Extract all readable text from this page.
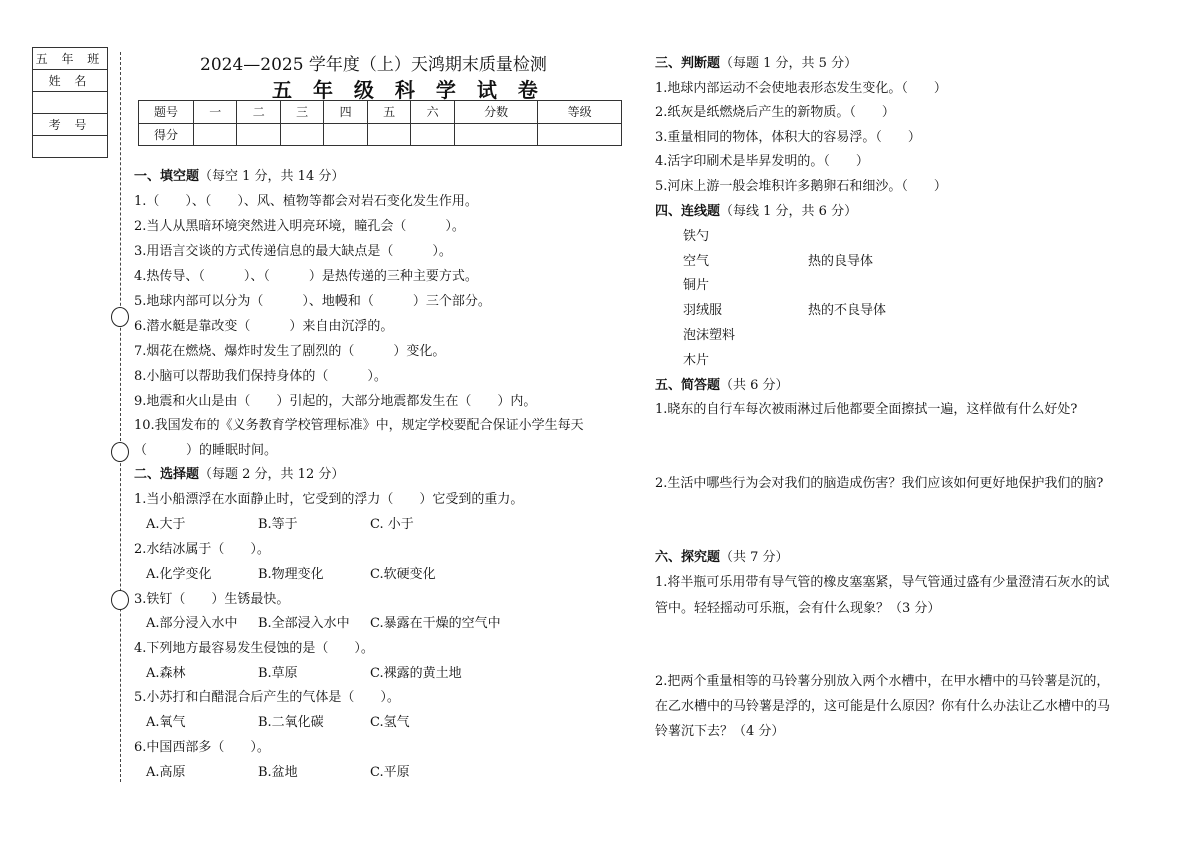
五 年 班
姓 名

考 号

2024—2025 学年度（上）天鸿期末质量检测
五 年 级 科 学 试 卷
题号	一	二	三	四	五	六	分数	等级
得分								
一、填空题（每空 1 分，共 14 分）
1.（　　）、（　　）、风、植物等都会对岩石变化发生作用。
2.当人从黑暗环境突然进入明亮环境，瞳孔会（　　　）。
3.用语言交谈的方式传递信息的最大缺点是（　　　）。
4.热传导、（　　　）、（　　　）是热传递的三种主要方式。
5.地球内部可以分为（　　　）、地幔和（　　　）三个部分。
6.潜水艇是靠改变（　　　）来自由沉浮的。
7.烟花在燃烧、爆炸时发生了剧烈的（　　　）变化。
8.小脑可以帮助我们保持身体的（　　　）。
9.地震和火山是由（　　）引起的，大部分地震都发生在（　　）内。
10.我国发布的《义务教育学校管理标准》中，规定学校要配合保证小学生每天
（　　　）的睡眠时间。
二、选择题（每题 2 分，共 12 分）
1.当小船漂浮在水面静止时，它受到的浮力（　　）它受到的重力。
A.大于	B.等于	C. 小于
2.水结冰属于（　　）。
A.化学变化	B.物理变化	C.软硬变化
3.铁钉（　　）生锈最快。
A.部分浸入水中 B.全部浸入水中 C.暴露在干燥的空气中
4.下列地方最容易发生侵蚀的是（　　）。
A.森林	B.草原	C.裸露的黄土地
5.小苏打和白醋混合后产生的气体是（　　）。
A.氧气	B.二氧化碳	C.氢气
6.中国西部多（　　）。
A.高原	B.盆地	C.平原
三、判断题（每题 1 分，共 5 分）
1.地球内部运动不会使地表形态发生变化。（　　）
2.纸灰是纸燃烧后产生的新物质。（　　）
3.重量相同的物体，体积大的容易浮。（　　）
4.活字印刷术是毕昇发明的。（　　）
5.河床上游一般会堆积许多鹅卵石和细沙。（　　）
四、连线题（每线 1 分，共 6 分）
铁勺
空气	热的良导体
铜片
羽绒服	热的不良导体
泡沫塑料
木片
五、简答题（共 6 分）
1.晓东的自行车每次被雨淋过后他都要全面擦拭一遍，这样做有什么好处?
2.生活中哪些行为会对我们的脑造成伤害？我们应该如何更好地保护我们的脑?
六、探究题（共 7 分）
1.将半瓶可乐用带有导气管的橡皮塞塞紧，导气管通过盛有少量澄清石灰水的试
管中。轻轻摇动可乐瓶，会有什么现象？（3 分）
2.把两个重量相等的马铃薯分别放入两个水槽中，在甲水槽中的马铃薯是沉的，
在乙水槽中的马铃薯是浮的，这可能是什么原因？你有什么办法让乙水槽中的马
铃薯沉下去？（4 分）
